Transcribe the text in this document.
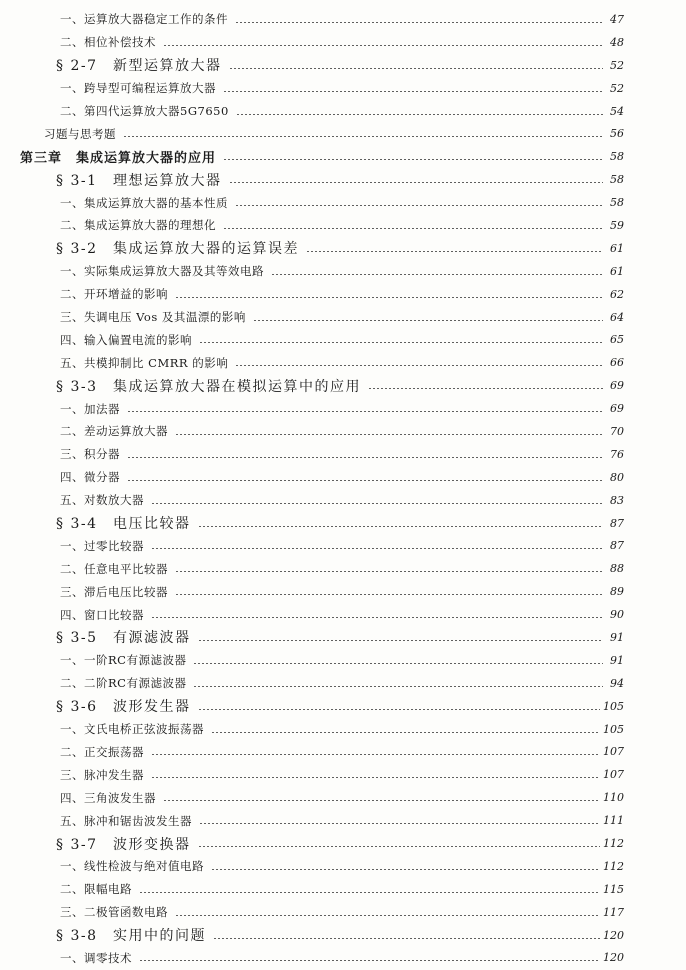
一、运算放大器稳定工作的条件	47
二、相位补偿技术	48
§ 2-7　新型运算放大器	52
一、跨导型可编程运算放大器	52
二、第四代运算放大器5G7650	54
习题与思考题	56
第三章　集成运算放大器的应用	58
§ 3-1　理想运算放大器	58
一、集成运算放大器的基本性质	58
二、集成运算放大器的理想化	59
§ 3-2　集成运算放大器的运算误差	61
一、实际集成运算放大器及其等效电路	61
二、开环增益的影响	62
三、失调电压 Vos 及其温漂的影响	64
四、输入偏置电流的影响	65
五、共模抑制比 CMRR 的影响	66
§ 3-3　集成运算放大器在模拟运算中的应用	69
一、加法器	69
二、差动运算放大器	70
三、积分器	76
四、微分器	80
五、对数放大器	83
§ 3-4　电压比较器	87
一、过零比较器	87
二、任意电平比较器	88
三、滞后电压比较器	89
四、窗口比较器	90
§ 3-5　有源滤波器	91
一、一阶RC有源滤波器	91
二、二阶RC有源滤波器	94
§ 3-6　波形发生器	105
一、文氏电桥正弦波振荡器	105
二、正交振荡器	107
三、脉冲发生器	107
四、三角波发生器	110
五、脉冲和锯齿波发生器	111
§ 3-7　波形变换器	112
一、线性检波与绝对值电路	112
二、限幅电路	115
三、二极管函数电路	117
§ 3-8　实用中的问题	120
一、调零技术	120
